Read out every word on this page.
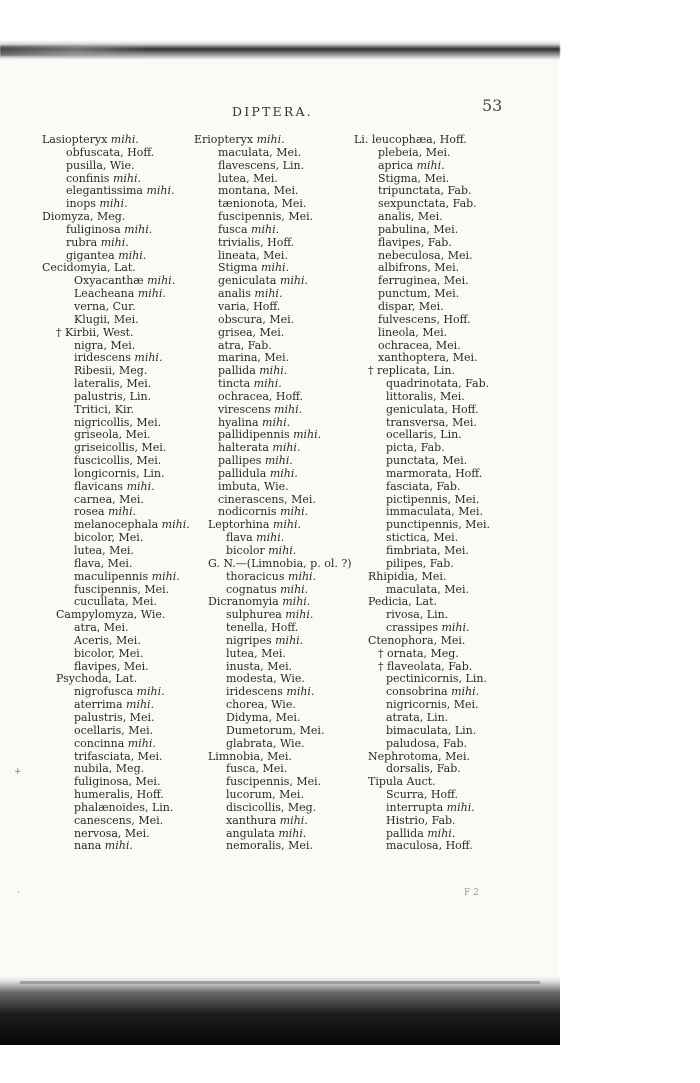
DIPTERA.	53
Lasiopteryx mihi.
obfuscata, Hoff.
pusilla, Wie.
confinis mihi.
elegantissima mihi.
inops mihi.
Diomyza, Meg.
fuliginosa mihi.
rubra mihi.
gigantea mihi.
Cecidomyia, Lat.
Oxyacanthæ mihi.
Leacheana mihi.
verna, Cur.
Klugii, Mei.
† Kirbii, West.
nigra, Mei.
iridescens mihi.
Ribesii, Meg.
lateralis, Mei.
palustris, Lin.
Tritici, Kir.
nigricollis, Mei.
griseola, Mei.
griseicollis, Mei.
fuscicollis, Mei.
longicornis, Lin.
flavicans mihi.
carnea, Mei.
rosea mihi.
melanocephala mihi.
bicolor, Mei.
lutea, Mei.
flava, Mei.
maculipennis mihi.
fuscipennis, Mei.
cucullata, Mei.
Campylomyza, Wie.
atra, Mei.
Aceris, Mei.
bicolor, Mei.
flavipes, Mei.
Psychoda, Lat.
nigrofusca mihi.
aterrima mihi.
palustris, Mei.
ocellaris, Mei.
concinna mihi.
trifasciata, Mei.
nubila, Meg.
fuliginosa, Mei.
humeralis, Hoff.
phalænoides, Lin.
canescens, Mei.
nervosa, Mei.
nana mihi.
Eriopteryx mihi.
maculata, Mei.
flavescens, Lin.
lutea, Mei.
montana, Mei.
tænionota, Mei.
fuscipennis, Mei.
fusca mihi.
trivialis, Hoff.
lineata, Mei.
Stigma mihi.
geniculata mihi.
analis mihi.
varia, Hoff.
obscura, Mei.
grisea, Mei.
atra, Fab.
marina, Mei.
pallida mihi.
tincta mihi.
ochracea, Hoff.
virescens mihi.
hyalina mihi.
pallidipennis mihi.
halterata mihi.
pallipes mihi.
pallidula mihi.
imbuta, Wie.
cinerascens, Mei.
nodicornis mihi.
Leptorhina mihi.
flava mihi.
bicolor mihi.
G. N.—(Limnobia, p. ol. ?)
thoracicus mihi.
cognatus mihi.
Dicranomyia mihi.
sulphurea mihi.
tenella, Hoff.
nigripes mihi.
lutea, Mei.
inusta, Mei.
modesta, Wie.
iridescens mihi.
chorea, Wie.
Didyma, Mei.
Dumetorum, Mei.
glabrata, Wie.
Limnobia, Mei.
fusca, Mei.
fuscipennis, Mei.
lucorum, Mei.
discicollis, Meg.
xanthura mihi.
angulata mihi.
nemoralis, Mei.
Li. leucophæa, Hoff.
plebeia, Mei.
aprica mihi.
Stigma, Mei.
tripunctata, Fab.
sexpunctata, Fab.
analis, Mei.
pabulina, Mei.
flavipes, Fab.
nebeculosa, Mei.
albifrons, Mei.
ferruginea, Mei.
punctum, Mei.
dispar, Mei.
fulvescens, Hoff.
lineola, Mei.
ochracea, Mei.
xanthoptera, Mei.
† replicata, Lin.
quadrinotata, Fab.
littoralis, Mei.
geniculata, Hoff.
transversa, Mei.
ocellaris, Lin.
picta, Fab.
punctata, Mei.
marmorata, Hoff.
fasciata, Fab.
pictipennis, Mei.
immaculata, Mei.
punctipennis, Mei.
stictica, Mei.
fimbriata, Mei.
pilipes, Fab.
Rhipidia, Mei.
maculata, Mei.
Pedicia, Lat.
rivosa, Lin.
crassipes mihi.
Ctenophora, Mei.
† ornata, Meg.
† flaveolata, Fab.
pectinicornis, Lin.
consobrina mihi.
nigricornis, Mei.
atrata, Lin.
bimaculata, Lin.
paludosa, Fab.
Nephrotoma, Mei.
dorsalis, Fab.
Tipula Auct.
Scurra, Hoff.
interrupta mihi.
Histrio, Fab.
pallida mihi.
maculosa, Hoff.
F 2
+
·
